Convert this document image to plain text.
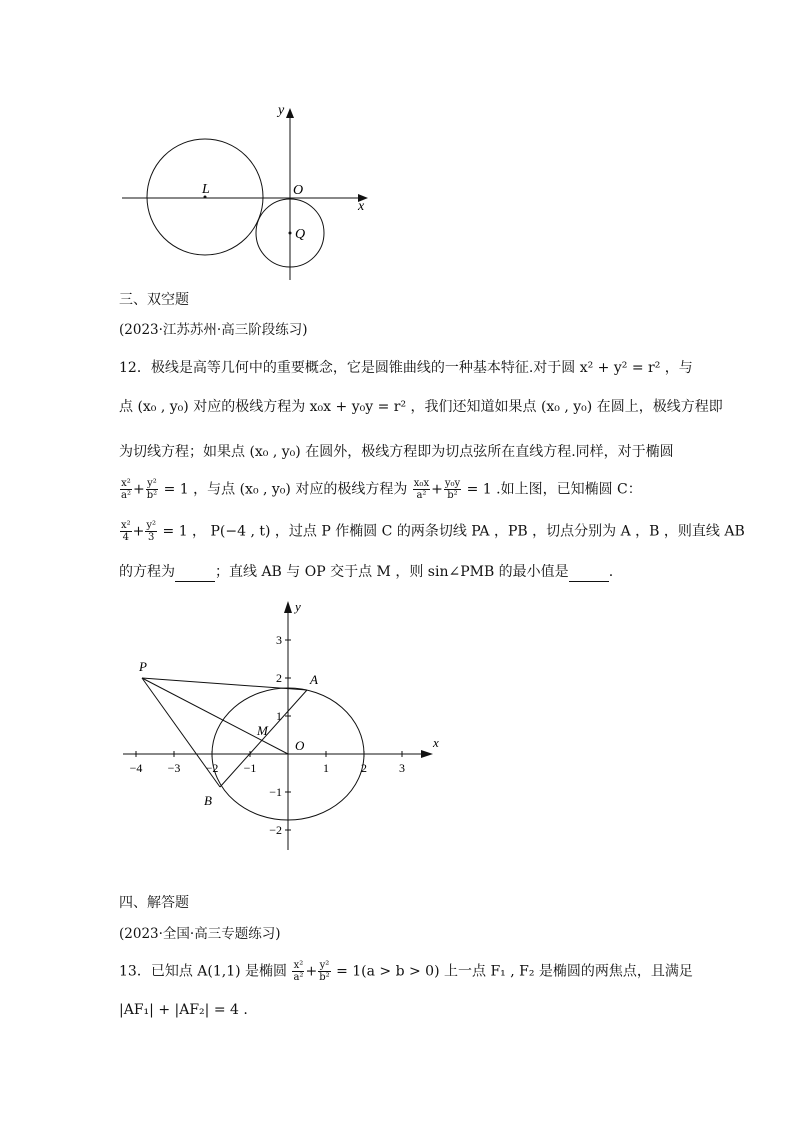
y
x
O
L
Q
三、双空题
(2023·江苏苏州·高三阶段练习)
12．极线是高等几何中的重要概念，它是圆锥曲线的一种基本特征.对于圆 x² + y² = r² ，与
点 (x₀ , y₀) 对应的极线方程为 x₀x + y₀y = r² ，我们还知道如果点 (x₀ , y₀) 在圆上，极线方程即
为切线方程；如果点 (x₀ , y₀) 在圆外，极线方程即为切点弦所在直线方程.同样，对于椭圆
$\frac{\text{x²}}{\text{a²}} + \frac{\text{y²}}{\text{b²}} = 1$ ，与点 (x₀ , y₀) 对应的极线方程为 $\frac{\text{x₀x}}{\text{a²}} + \frac{\text{y₀y}}{\text{b²}} = 1$ .如上图，已知椭圆 C：
$\frac{\text{x²}}{4} + \frac{\text{y²}}{3} = 1$ ， P(−4 , t) ，过点 P 作椭圆 C 的两条切线 PA ，PB ，切点分别为 A ，B ，则直线 AB
的方程为	；直线 AB 与 OP 交于点 M ，则 sin∠PMB 的最小值是	.
−4 −3 −2 −1	1	2	3
3
2
1
−1
−2
x
y
P
A
B
M
O
四、解答题
(2023·全国·高三专题练习)
13．已知点 A(1,1) 是椭圆 $\frac{\text{x²}}{\text{a²}} + \frac{\text{y²}}{\text{b²}} = 1(a > b > 0)$ 上一点 F₁ , F₂ 是椭圆的两焦点，且满足
|AF₁| + |AF₂| = 4 .
